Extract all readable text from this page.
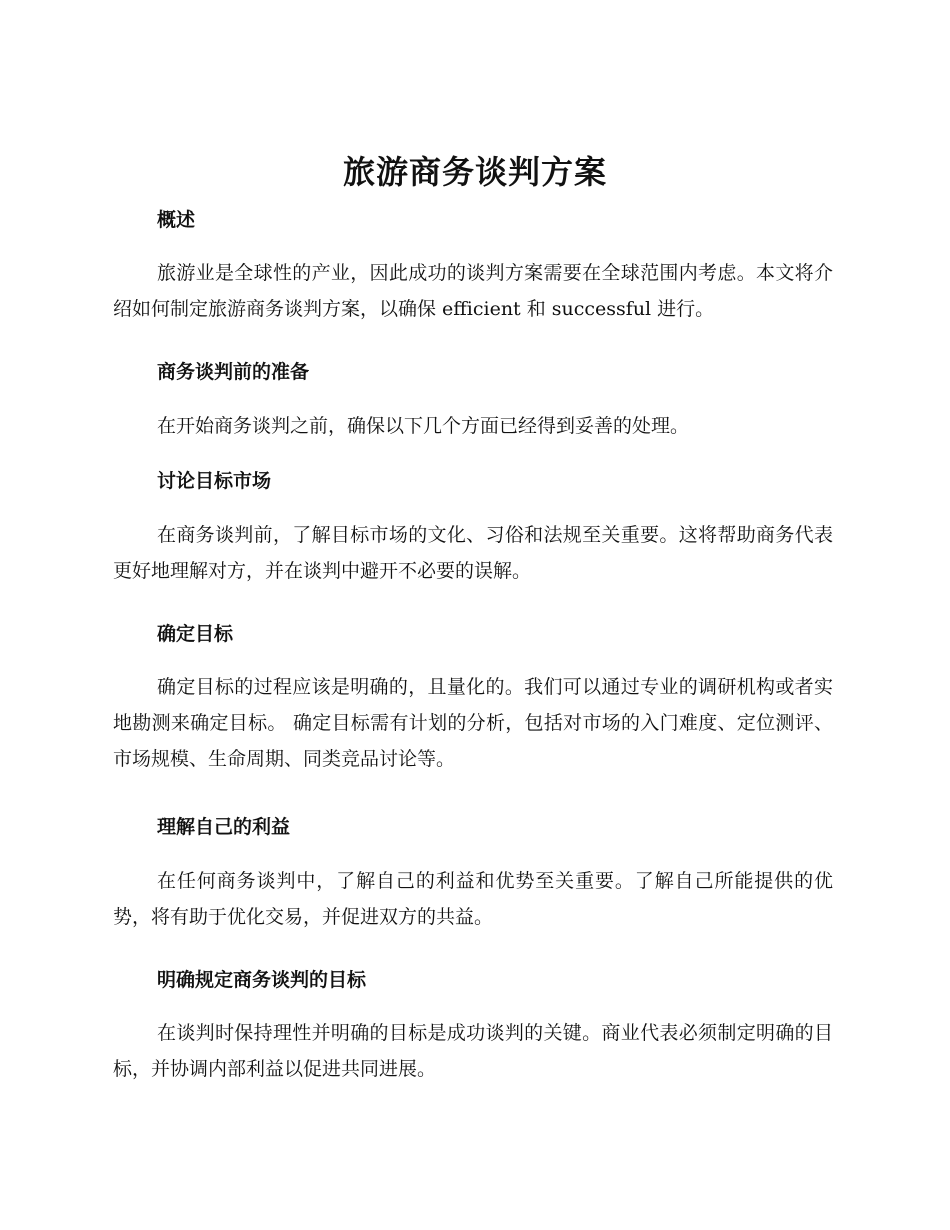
旅游商务谈判方案
概述

旅游业是全球性的产业，因此成功的谈判方案需要在全球范围内考虑。本文将介绍如何制定旅游商务谈判方案，以确保 efficient 和 successful 进行。

商务谈判前的准备

在开始商务谈判之前，确保以下几个方面已经得到妥善的处理。

讨论目标市场

在商务谈判前，了解目标市场的文化、习俗和法规至关重要。这将帮助商务代表更好地理解对方，并在谈判中避开不必要的误解。

确定目标

确定目标的过程应该是明确的，且量化的。我们可以通过专业的调研机构或者实地勘测来确定目标。 确定目标需有计划的分析，包括对市场的入门难度、定位测评、市场规模、生命周期、同类竞品讨论等。

理解自己的利益

在任何商务谈判中，了解自己的利益和优势至关重要。了解自己所能提供的优势，将有助于优化交易，并促进双方的共益。

明确规定商务谈判的目标

在谈判时保持理性并明确的目标是成功谈判的关键。商业代表必须制定明确的目标，并协调内部利益以促进共同进展。
